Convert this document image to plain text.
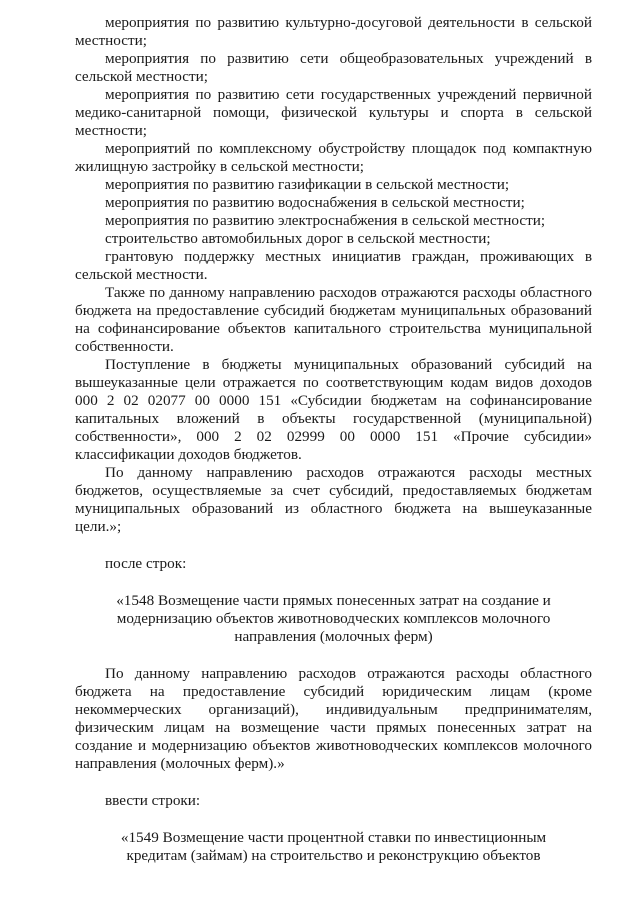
мероприятия по развитию культурно-досуговой деятельности в сельской местности;

мероприятия по развитию сети общеобразовательных учреждений в сельской местности;

мероприятия по развитию сети государственных учреждений первичной медико-санитарной помощи, физической культуры и спорта в сельской местности;

мероприятий по комплексному обустройству площадок под компактную жилищную застройку в сельской местности;

мероприятия по развитию газификации в сельской местности;

мероприятия по развитию водоснабжения в сельской местности;

мероприятия по развитию электроснабжения в сельской местности;

строительство автомобильных дорог в сельской местности;

грантовую поддержку местных инициатив граждан, проживающих в сельской местности.

Также по данному направлению расходов отражаются расходы областного бюджета на предоставление субсидий бюджетам муниципальных образований на софинансирование объектов капитального строительства муниципальной собственности.

Поступление в бюджеты муниципальных образований субсидий на вышеуказанные цели отражается по соответствующим кодам видов доходов 000 2 02 02077 00 0000 151 «Субсидии бюджетам на софинансирование капитальных вложений в объекты государственной (муниципальной) собственности», 000 2 02 02999 00 0000 151 «Прочие субсидии» классификации доходов бюджетов.

По данному направлению расходов отражаются расходы местных бюджетов, осуществляемые за счет субсидий, предоставляемых бюджетам муниципальных образований из областного бюджета на вышеуказанные цели.»;

после строк:

«1548 Возмещение части прямых понесенных затрат на создание и модернизацию объектов животноводческих комплексов молочного направления (молочных ферм)

По данному направлению расходов отражаются расходы областного бюджета на предоставление субсидий юридическим лицам (кроме некоммерческих организаций), индивидуальным предпринимателям, физическим лицам на возмещение части прямых понесенных затрат на создание и модернизацию объектов животноводческих комплексов молочного направления (молочных ферм).»

ввести строки:

«1549 Возмещение части процентной ставки по инвестиционным кредитам (займам) на строительство и реконструкцию объектов
